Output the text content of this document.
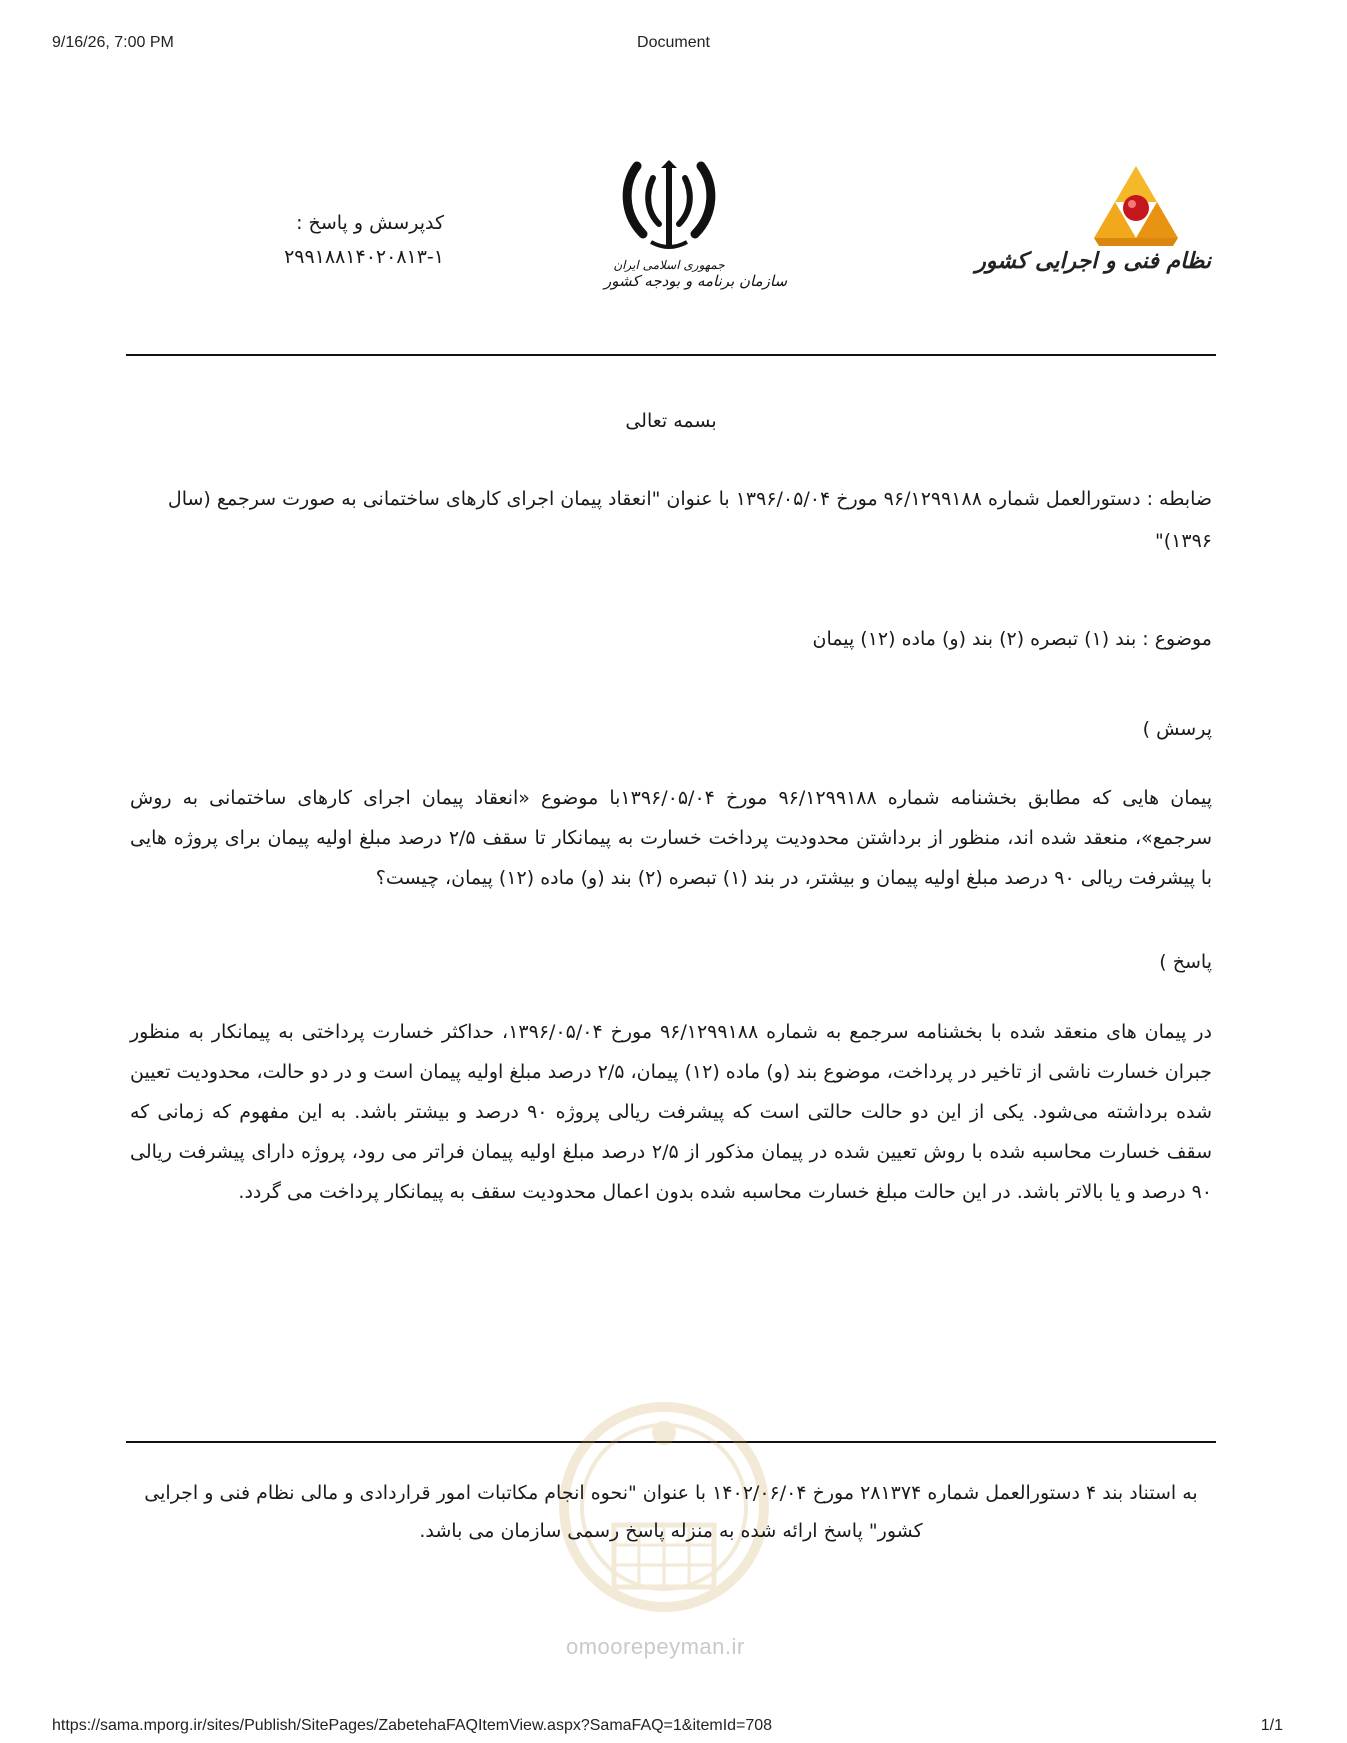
9/16/26, 7:00 PM	Document
کدپرسش و پاسخ :
۲۹۹۱۸۸۱۴۰۲۰۸۱۳-۱	جمهوری اسلامی ایران
سازمان برنامه و بودجه کشور
نظام فنی و اجرایی کشور
بسمه تعالی
ضابطه : دستورالعمل شماره ۹۶/۱۲۹۹۱۸۸ مورخ ۱۳۹۶/۰۵/۰۴ با عنوان "انعقاد پیمان اجرای کارهای ساختمانی به صورت سرجمع (سال ۱۳۹۶)"
موضوع : بند (۱) تبصره (۲) بند (و) ماده (۱۲) پیمان
پرسش )
پیمان هایی که مطابق بخشنامه شماره ۹۶/۱۲۹۹۱۸۸ مورخ ۱۳۹۶/۰۵/۰۴با موضوع «انعقاد پیمان اجرای کارهای ساختمانی به روش سرجمع»، منعقد شده اند، منظور از برداشتن محدودیت پرداخت خسارت به پیمانکار تا سقف ۲/۵ درصد مبلغ اولیه پیمان برای پروژه هایی با پیشرفت ریالی ۹۰ درصد مبلغ اولیه پیمان و بیشتر، در بند (۱) تبصره (۲) بند (و) ماده (۱۲) پیمان، چیست؟
پاسخ )
در پیمان های منعقد شده با بخشنامه سرجمع به شماره ۹۶/۱۲۹۹۱۸۸ مورخ ۱۳۹۶/۰۵/۰۴، حداکثر خسارت پرداختی به پیمانکار به منظور جبران خسارت ناشی از تاخیر در پرداخت، موضوع بند (و) ماده (۱۲) پیمان، ۲/۵ درصد مبلغ اولیه پیمان است و در دو حالت، محدودیت تعیین شده برداشته می‌شود. یکی از این دو حالت حالتی است که پیشرفت ریالی پروژه ۹۰ درصد و بیشتر باشد. به این مفهوم که زمانی که سقف خسارت محاسبه شده با روش تعیین شده در پیمان مذکور از ۲/۵ درصد مبلغ اولیه پیمان فراتر می رود، پروژه دارای پیشرفت ریالی ۹۰ درصد و یا بالاتر باشد. در این حالت مبلغ خسارت محاسبه شده بدون اعمال محدودیت سقف به پیمانکار پرداخت می گردد.
omoorepeyman.ir
به استناد بند ۴ دستورالعمل شماره ۲۸۱۳۷۴ مورخ ۱۴۰۲/۰۶/۰۴ با عنوان "نحوه انجام مکاتبات امور قراردادی و مالی نظام فنی و اجرایی کشور" پاسخ ارائه شده به منزله پاسخ رسمی سازمان می باشد.
https://sama.mporg.ir/sites/Publish/SitePages/ZabetehaFAQItemView.aspx?SamaFAQ=1&itemId=708	1/1
